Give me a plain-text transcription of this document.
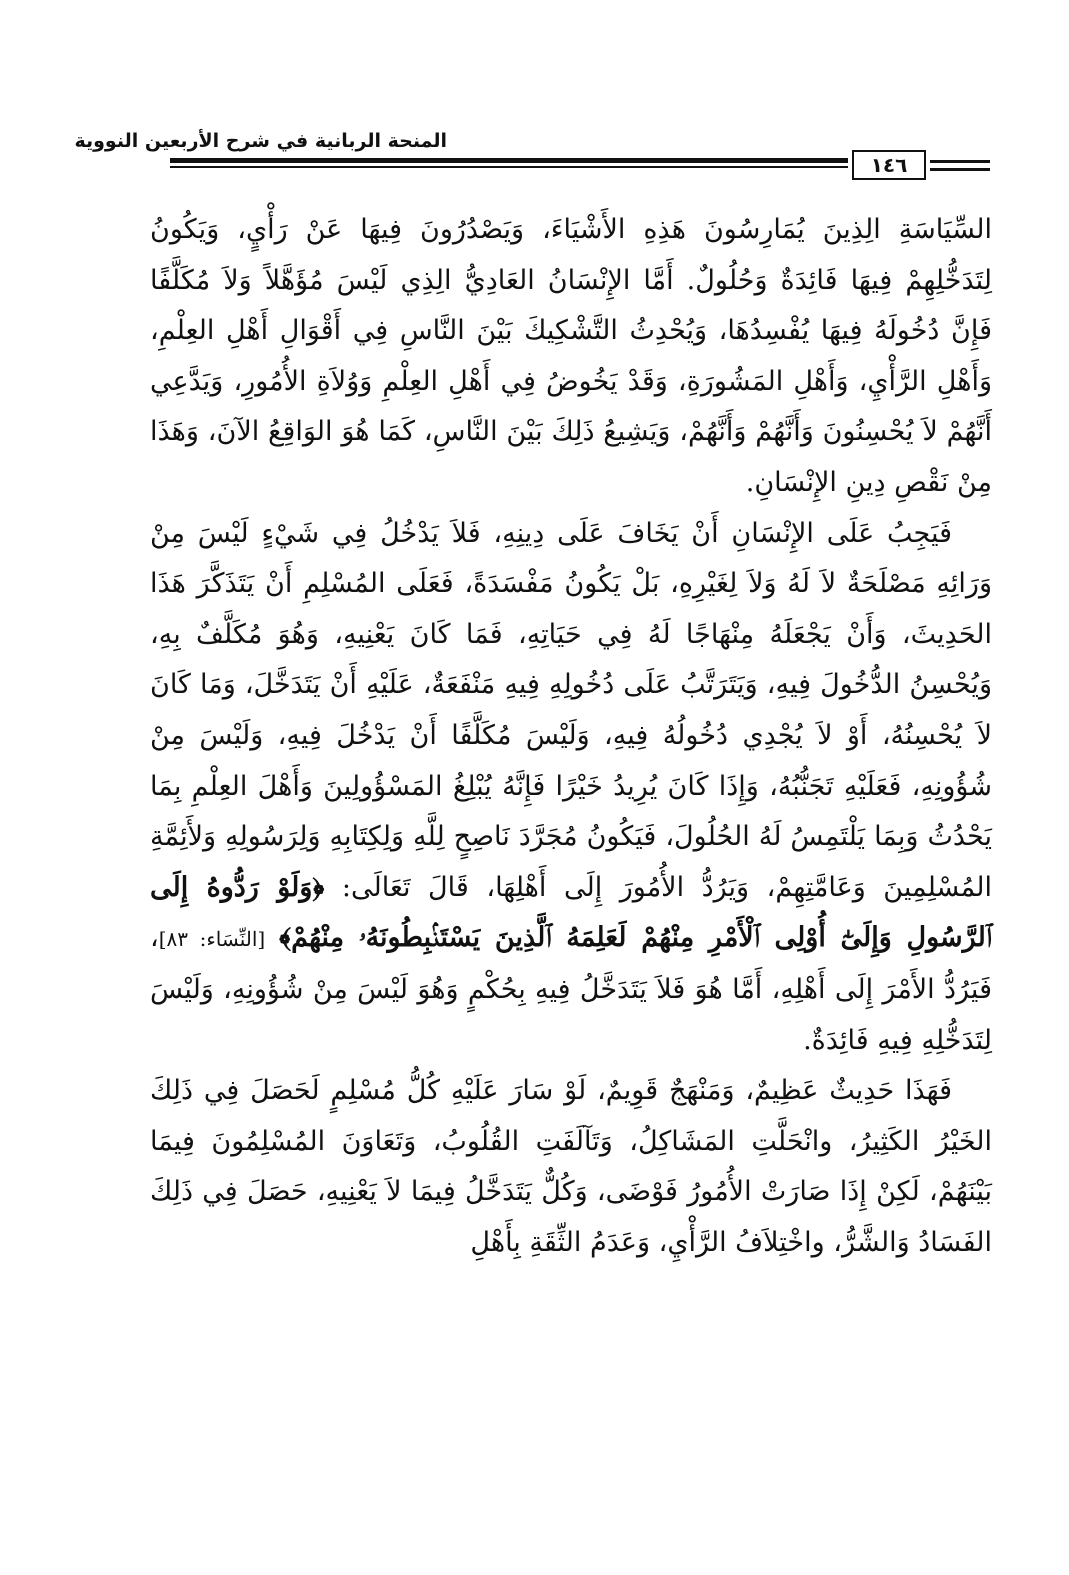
المنحة الربانية في شرح الأربعين النووية
١٤٦

السِّيَاسَةِ الِذِينَ يُمَارِسُونَ هَذِهِ الأَشْيَاءَ، وَيَصْدُرُونَ فِيهَا عَنْ رَأْيٍ، وَيَكُونُ لِتَدَخُّلِهِمْ فِيهَا فَائِدَةٌ وَحُلُولٌ. أَمَّا الإِنْسَانُ العَادِيُّ الِذِي لَيْسَ مُؤَهَّلاً وَلاَ مُكَلَّفًا فَإِنَّ دُخُولَهُ فِيهَا يُفْسِدُهَا، وَيُحْدِثُ التَّشْكِيكَ بَيْنَ النَّاسِ فِي أَقْوَالِ أَهْلِ العِلْمِ، وَأَهْلِ الرَّأْيِ، وَأَهْلِ المَشُورَةِ، وَقَدْ يَخُوضُ فِي أَهْلِ العِلْمِ وَوُلاَةِ الأُمُورِ، وَيَدَّعِي أَنَّهُمْ لاَ يُحْسِنُونَ وَأَنَّهُمْ وَأَنَّهُمْ، وَيَشِيعُ ذَلِكَ بَيْنَ النَّاسِ، كَمَا هُوَ الوَاقِعُ الآنَ، وَهَذَا مِنْ نَقْصِ دِينِ الإِنْسَانِ.

فَيَجِبُ عَلَى الإِنْسَانِ أَنْ يَخَافَ عَلَى دِينِهِ، فَلاَ يَدْخُلُ فِي شَيْءٍ لَيْسَ مِنْ وَرَائِهِ مَصْلَحَةٌ لاَ لَهُ وَلاَ لِغَيْرِهِ، بَلْ يَكُونُ مَفْسَدَةً، فَعَلَى المُسْلِمِ أَنْ يَتَذَكَّرَ هَذَا الحَدِيثَ، وَأَنْ يَجْعَلَهُ مِنْهَاجًا لَهُ فِي حَيَاتِهِ، فَمَا كَانَ يَعْنِيهِ، وَهُوَ مُكَلَّفٌ بِهِ، وَيُحْسِنُ الدُّخُولَ فِيهِ، وَيَتَرَتَّبُ عَلَى دُخُولِهِ فِيهِ مَنْفَعَةٌ، عَلَيْهِ أَنْ يَتَدَخَّلَ، وَمَا كَانَ لاَ يُحْسِنُهُ، أَوْ لاَ يُجْدِي دُخُولُهُ فِيهِ، وَلَيْسَ مُكَلَّفًا أَنْ يَدْخُلَ فِيهِ، وَلَيْسَ مِنْ شُؤُونِهِ، فَعَلَيْهِ تَجَنُّبُهُ، وَإِذَا كَانَ يُرِيدُ خَيْرًا فَإِنَّهُ يُبْلِغُ المَسْؤُولِينَ وَأَهْلَ العِلْمِ بِمَا يَحْدُثُ وَبِمَا يَلْتَمِسُ لَهُ الحُلُولَ، فَيَكُونُ مُجَرَّدَ نَاصِحٍ لِلَّهِ وَلِكِتَابِهِ وَلِرَسُولِهِ وَلأَئِمَّةِ المُسْلِمِينَ وَعَامَّتِهِمْ، وَيَرُدُّ الأُمُورَ إِلَى أَهْلِهَا، قَالَ تَعَالَى: ﴿وَلَوْ رَدُّوهُ إِلَى ٱلرَّسُولِ وَإِلَىٰٓ أُوْلِى ٱلْأَمْرِ مِنْهُمْ لَعَلِمَهُ ٱلَّذِينَ يَسْتَنۢبِطُونَهُۥ مِنْهُمْ﴾ [النِّسَاء: ٨٣]، فَيَرُدُّ الأَمْرَ إِلَى أَهْلِهِ، أَمَّا هُوَ فَلاَ يَتَدَخَّلُ فِيهِ بِحُكْمٍ وَهُوَ لَيْسَ مِنْ شُؤُونِهِ، وَلَيْسَ لِتَدَخُّلِهِ فِيهِ فَائِدَةٌ.

فَهَذَا حَدِيثٌ عَظِيمٌ، وَمَنْهَجٌ قَوِيمٌ، لَوْ سَارَ عَلَيْهِ كُلُّ مُسْلِمٍ لَحَصَلَ فِي ذَلِكَ الخَيْرُ الكَثِيرُ، وانْحَلَّتِ المَشَاكِلُ، وَتَآلَفَتِ القُلُوبُ، وَتَعَاوَنَ المُسْلِمُونَ فِيمَا بَيْنَهُمْ، لَكِنْ إِذَا صَارَتْ الأُمُورُ فَوْضَى، وَكُلٌّ يَتَدَخَّلُ فِيمَا لاَ يَعْنِيهِ، حَصَلَ فِي ذَلِكَ الفَسَادُ وَالشَّرُّ، واخْتِلاَفُ الرَّأْيِ، وَعَدَمُ الثِّقَةِ بِأَهْلِ
